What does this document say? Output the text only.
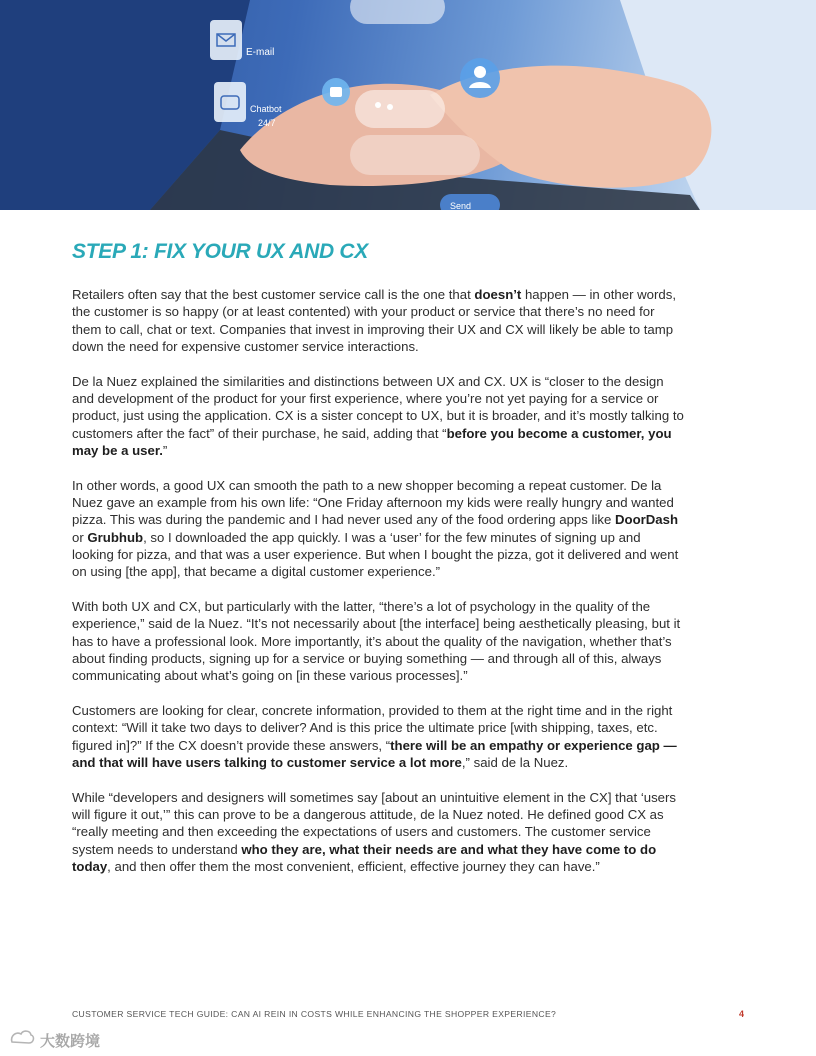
E-mail
Chatbot
24/7
Send
STEP 1: FIX YOUR UX AND CX

Retailers often say that the best customer service call is the one that doesn’t happen — in other words, the customer is so happy (or at least contented) with your product or service that there’s no need for them to call, chat or text. Companies that invest in improving their UX and CX will likely be able to tamp down the need for expensive customer service interactions.

De la Nuez explained the similarities and distinctions between UX and CX. UX is “closer to the design and development of the product for your first experience, where you’re not yet paying for a service or product, just using the application. CX is a sister concept to UX, but it is broader, and it’s mostly talking to customers after the fact” of their purchase, he said, adding that “before you become a customer, you may be a user.”

In other words, a good UX can smooth the path to a new shopper becoming a repeat customer. De la Nuez gave an example from his own life: “One Friday afternoon my kids were really hungry and wanted pizza. This was during the pandemic and I had never used any of the food ordering apps like DoorDash or Grubhub, so I downloaded the app quickly. I was a ‘user’ for the few minutes of signing up and looking for pizza, and that was a user experience. But when I bought the pizza, got it delivered and went on using [the app], that became a digital customer experience.”

With both UX and CX, but particularly with the latter, “there’s a lot of psychology in the quality of the experience,” said de la Nuez. “It’s not necessarily about [the interface] being aesthetically pleasing, but it has to have a professional look. More importantly, it’s about the quality of the navigation, whether that’s about finding products, signing up for a service or buying something — and through all of this, always communicating about what’s going on [in these various processes].”

Customers are looking for clear, concrete information, provided to them at the right time and in the right context: “Will it take two days to deliver? And is this price the ultimate price [with shipping, taxes, etc. figured in]?” If the CX doesn’t provide these answers, “there will be an empathy or experience gap — and that will have users talking to customer service a lot more,” said de la Nuez.

While “developers and designers will sometimes say [about an unintuitive element in the CX] that ‘users will figure it out,’” this can prove to be a dangerous attitude, de la Nuez noted. He defined good CX as “really meeting and then exceeding the expectations of users and customers. The customer service system needs to understand who they are, what their needs are and what they have come to do today, and then offer them the most convenient, efficient, effective journey they can have.”

CUSTOMER SERVICE TECH GUIDE: CAN AI REIN IN COSTS WHILE ENHANCING THE SHOPPER EXPERIENCE?	4
大数跨境
